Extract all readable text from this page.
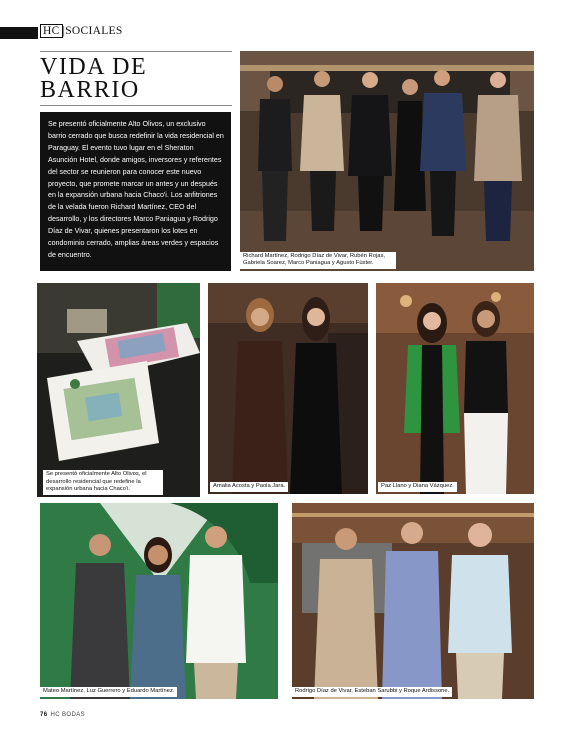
HC |SOCIALES
VIDA DE
BARRIO

Se presentó oficialmente Alto Olivos, un exclusivo barrio cerrado que busca redefinir la vida residencial en Paraguay. El evento tuvo lugar en el Sheraton Asunción Hotel, donde amigos, inversores y referentes del sector se reunieron para conocer este nuevo proyecto, que promete marcar un antes y un después en la expansión urbana hacia Chaco'i. Los anfitriones de la velada fueron Richard Martínez, CEO del desarrollo, y los directores Marco Paniagua y Rodrigo Díaz de Vivar, quienes presentaron los lotes en condominio cerrado, amplias áreas verdes y espacios de encuentro.	Richard Martínez, Rodrigo Díaz de Vivar, Rubén Rojas, Gabriela Soarez, Marco Paniagua y Agusto Füster.
Se presentó oficialmente Alto Olivos, el desarrollo residencial que redefine la expansión urbana hacia Chaco'i.	Amalia Acosta y Paola Jara.	Paz Llano y Diana Vázquez.
Mateo Martínez, Luz Guerrero y Eduardo Martínez.	Rodrigo Díaz de Vivar, Esteban Sarubbi y Roque Ardissone.
76 HC BODAS
